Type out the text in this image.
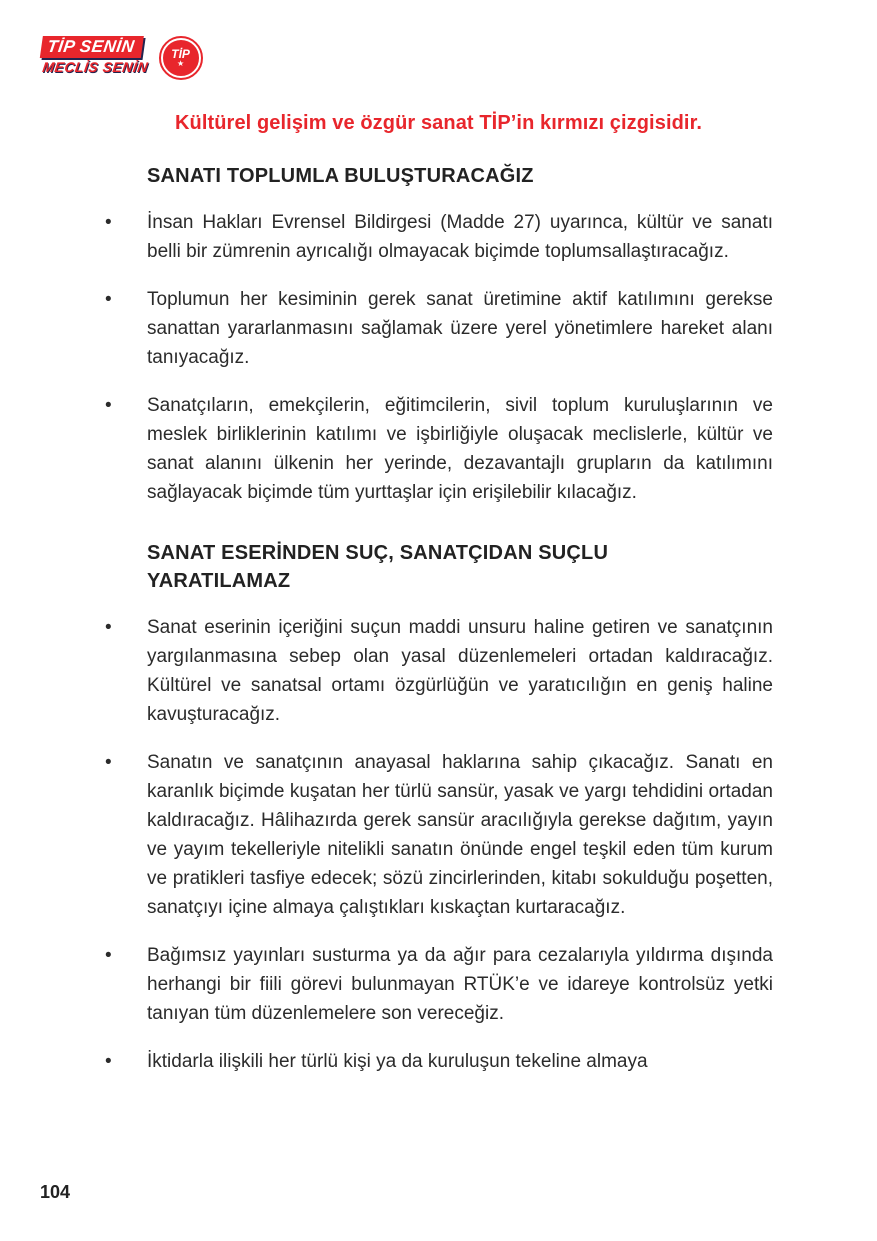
TİP SENİN
MECLİS SENİN
TİP
★
Kültürel gelişim ve özgür sanat TİP’in kırmızı çizgisidir.
SANATI TOPLUMLA BULUŞTURACAĞIZ
•	İnsan Hakları Evrensel Bildirgesi (Madde 27) uyarınca, kültür ve sanatı belli bir zümrenin ayrıcalığı olmayacak biçimde toplumsallaştıracağız.

•	Toplumun her kesiminin gerek sanat üretimine aktif katılımını gerekse sanattan yararlanmasını sağlamak üzere yerel yönetimlere hareket alanı tanıyacağız.

•	Sanatçıların, emekçilerin, eğitimcilerin, sivil toplum kuruluşlarının ve meslek birliklerinin katılımı ve işbirliğiyle oluşacak meclislerle, kültür ve sanat alanını ülkenin her yerinde, dezavantajlı grupların da katılımını sağlayacak biçimde tüm yurttaşlar için erişilebilir kılacağız.

SANAT ESERİNDEN SUÇ, SANATÇIDAN SUÇLU YARATILAMAZ
•	Sanat eserinin içeriğini suçun maddi unsuru haline getiren ve sanatçının yargılanmasına sebep olan yasal düzenlemeleri ortadan kaldıracağız. Kültürel ve sanatsal ortamı özgürlüğün ve yaratıcılığın en geniş haline kavuşturacağız.

•	Sanatın ve sanatçının anayasal haklarına sahip çıkacağız. Sanatı en karanlık biçimde kuşatan her türlü sansür, yasak ve yargı tehdidini ortadan kaldıracağız. Hâlihazırda gerek sansür aracılığıyla gerekse dağıtım, yayın ve yayım tekelleriyle nitelikli sanatın önünde engel teşkil eden tüm kurum ve pratikleri tasfiye edecek; sözü zincirlerinden, kitabı sokulduğu poşetten, sanatçıyı içine almaya çalıştıkları kıskaçtan kurtaracağız.

•	Bağımsız yayınları susturma ya da ağır para cezalarıyla yıldırma dışında herhangi bir fiili görevi bulunmayan RTÜK’e ve idareye kontrolsüz yetki tanıyan tüm düzenlemelere son vereceğiz.

•	İktidarla ilişkili her türlü kişi ya da kuruluşun tekeline almaya

104
